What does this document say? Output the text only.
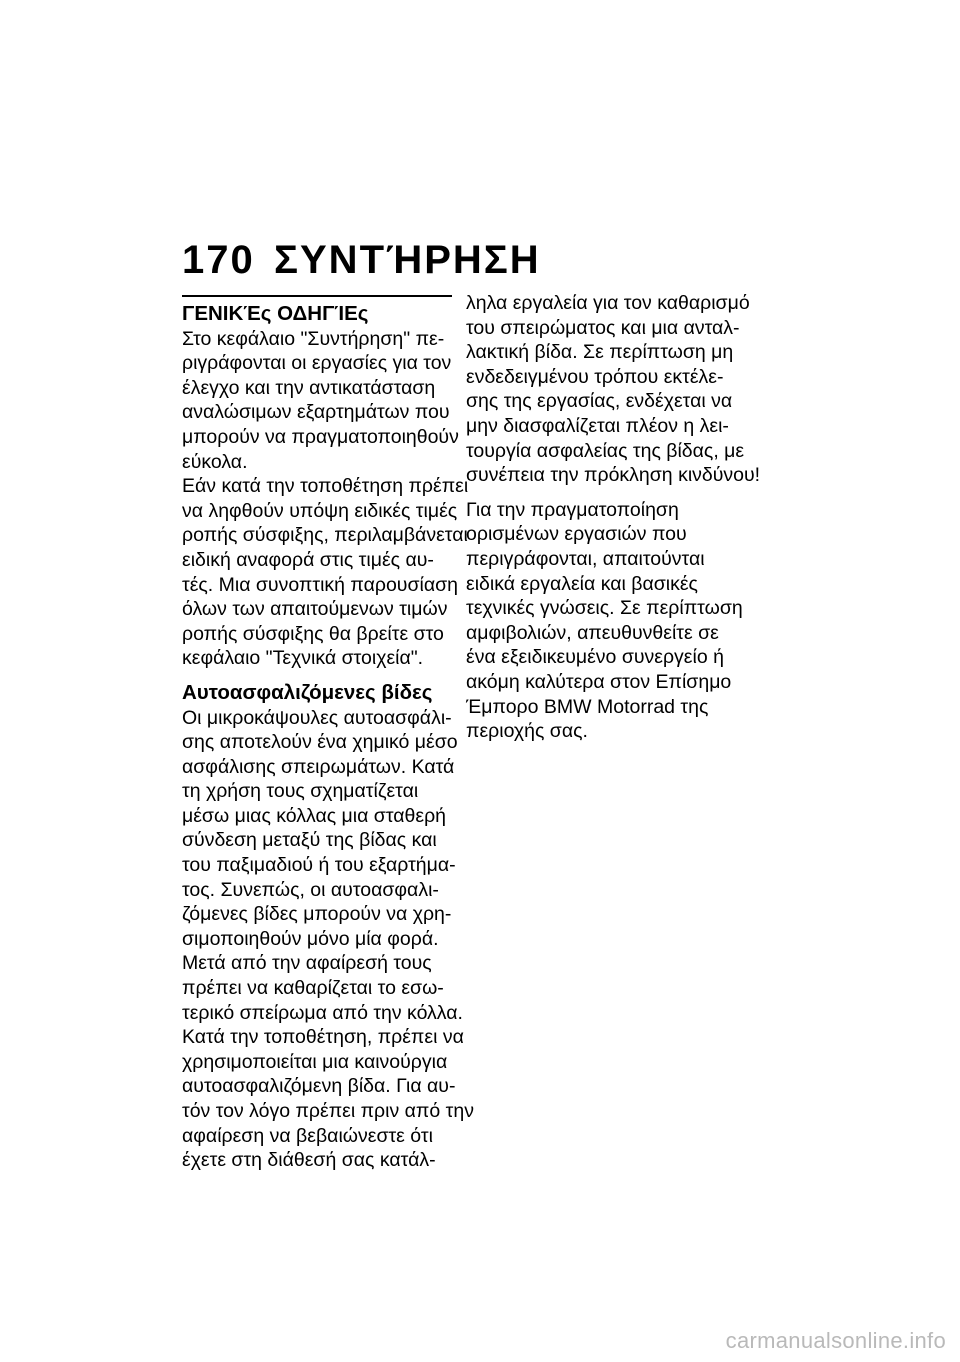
170 ΣΥΝΤΉΡΗΣΗ
ΓΕΝΙΚΈς ΟΔΗΓΊΕς

Στο κεφάλαιο "Συντήρηση" πε-
ριγράφονται οι εργασίες για τον
έλεγχο και την αντικατάσταση
αναλώσιμων εξαρτημάτων που
μπορούν να πραγματοποιηθούν
εύκολα.

Εάν κατά την τοποθέτηση πρέπει
να ληφθούν υπόψη ειδικές τιμές
ροπής σύσφιξης, περιλαμβάνεται
ειδική αναφορά στις τιμές αυ-
τές. Μια συνοπτική παρουσίαση
όλων των απαιτούμενων τιμών
ροπής σύσφιξης θα βρείτε στο
κεφάλαιο "Τεχνικά στοιχεία".

Αυτοασφαλιζόμενες βίδες

Οι μικροκάψουλες αυτοασφάλι-
σης αποτελούν ένα χημικό μέσο
ασφάλισης σπειρωμάτων. Κατά
τη χρήση τους σχηματίζεται
μέσω μιας κόλλας μια σταθερή
σύνδεση μεταξύ της βίδας και
του παξιμαδιού ή του εξαρτήμα-
τος. Συνεπώς, οι αυτοασφαλι-
ζόμενες βίδες μπορούν να χρη-
σιμοποιηθούν μόνο μία φορά.
Μετά από την αφαίρεσή τους
πρέπει να καθαρίζεται το εσω-
τερικό σπείρωμα από την κόλλα.
Κατά την τοποθέτηση, πρέπει να
χρησιμοποιείται μια καινούργια
αυτοασφαλιζόμενη βίδα. Για αυ-
τόν τον λόγο πρέπει πριν από την
αφαίρεση να βεβαιώνεστε ότι
έχετε στη διάθεσή σας κατάλ-

ληλα εργαλεία για τον καθαρισμό
του σπειρώματος και μια ανταλ-
λακτική βίδα. Σε περίπτωση μη
ενδεδειγμένου τρόπου εκτέλε-
σης της εργασίας, ενδέχεται να
μην διασφαλίζεται πλέον η λει-
τουργία ασφαλείας της βίδας, με
συνέπεια την πρόκληση κινδύνου!

Για την πραγματοποίηση
ορισμένων εργασιών που
περιγράφονται, απαιτούνται
ειδικά εργαλεία και βασικές
τεχνικές γνώσεις. Σε περίπτωση
αμφιβολιών, απευθυνθείτε σε
ένα εξειδικευμένο συνεργείο ή
ακόμη καλύτερα στον Επίσημο
Έμπορο BMW Motorrad της
περιοχής σας.

carmanualsonline.info
